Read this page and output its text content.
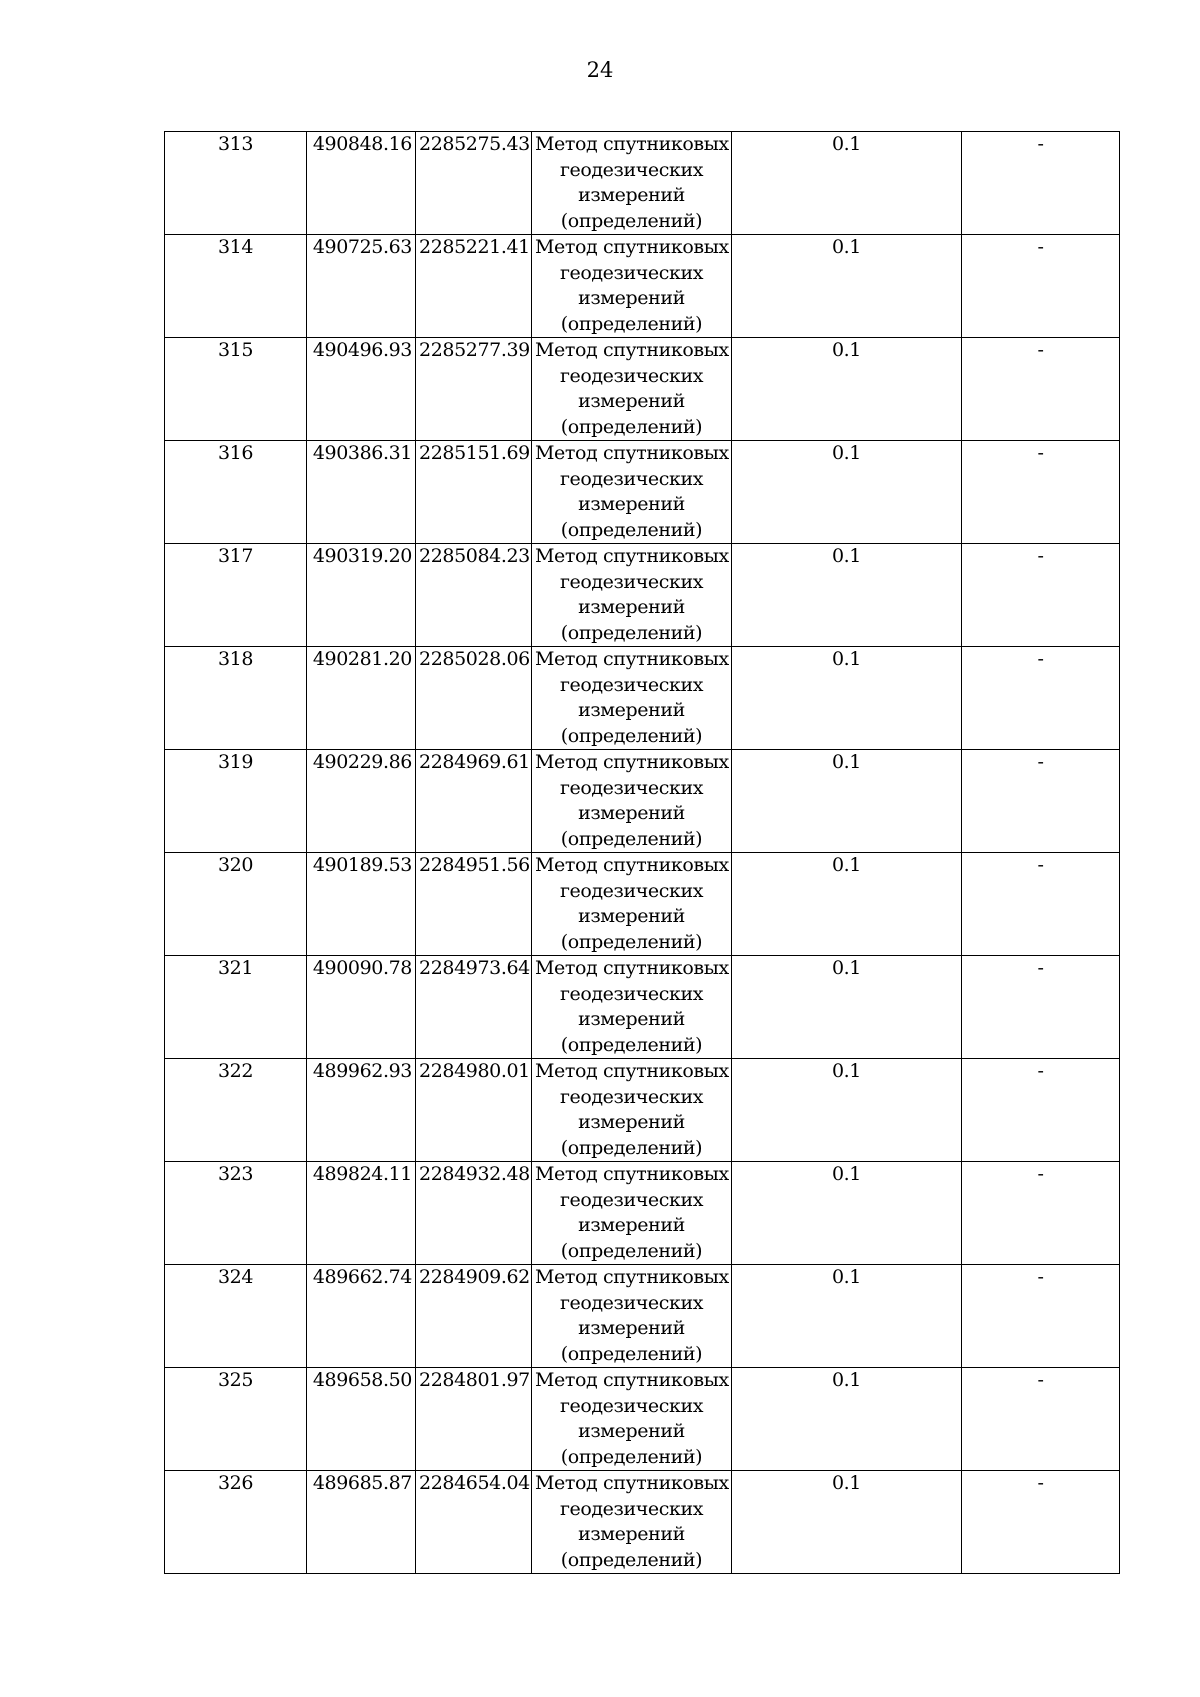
24
313	490848.16	2285275.43	Метод спутниковых
геодезических
измерений
(определений)	0.1	-
314	490725.63	2285221.41	Метод спутниковых
геодезических
измерений
(определений)	0.1	-
315	490496.93	2285277.39	Метод спутниковых
геодезических
измерений
(определений)	0.1	-
316	490386.31	2285151.69	Метод спутниковых
геодезических
измерений
(определений)	0.1	-
317	490319.20	2285084.23	Метод спутниковых
геодезических
измерений
(определений)	0.1	-
318	490281.20	2285028.06	Метод спутниковых
геодезических
измерений
(определений)	0.1	-
319	490229.86	2284969.61	Метод спутниковых
геодезических
измерений
(определений)	0.1	-
320	490189.53	2284951.56	Метод спутниковых
геодезических
измерений
(определений)	0.1	-
321	490090.78	2284973.64	Метод спутниковых
геодезических
измерений
(определений)	0.1	-
322	489962.93	2284980.01	Метод спутниковых
геодезических
измерений
(определений)	0.1	-
323	489824.11	2284932.48	Метод спутниковых
геодезических
измерений
(определений)	0.1	-
324	489662.74	2284909.62	Метод спутниковых
геодезических
измерений
(определений)	0.1	-
325	489658.50	2284801.97	Метод спутниковых
геодезических
измерений
(определений)	0.1	-
326	489685.87	2284654.04	Метод спутниковых
геодезических
измерений
(определений)	0.1	-
